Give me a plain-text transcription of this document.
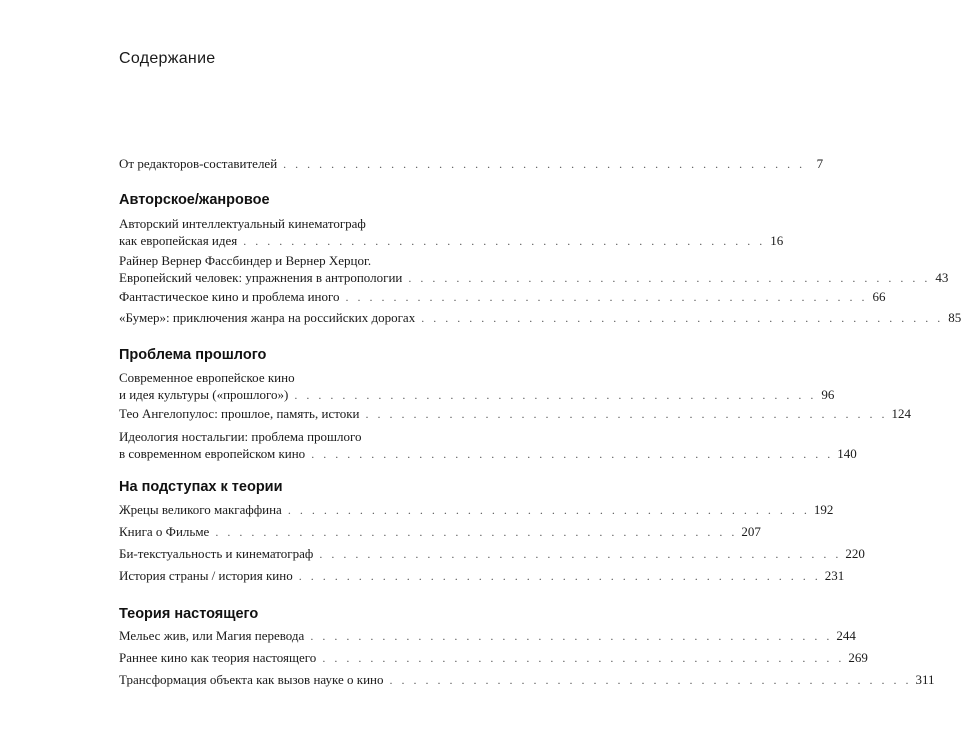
Содержание
От редакторов-составителей . . . . . . . . . . . . . . . . . . . . . . . . . . . . . . . . . . . . . . . . . . . . 7
Авторское/жанровое
Авторский интеллектуальный кинематограф
как европейская идея . . . . . . . . . . . . . . . . . . . . . . . . . . . . . . . . . . . . . . . . . . . . 16
Райнер Вернер Фассбиндер и Вернер Херцог.
Европейский человек: упражнения в антропологии . . . . . . . . . . . . . . . . . . . . . . . . . . . . . . . . . . . . . . . . . . . . 43
Фантастическое кино и проблема иного . . . . . . . . . . . . . . . . . . . . . . . . . . . . . . . . . . . . . . . . . . . . 66
«Бумер»: приключения жанра на российских дорогах . . . . . . . . . . . . . . . . . . . . . . . . . . . . . . . . . . . . . . . . . . . . 85
Проблема прошлого
Современное европейское кино
и идея культуры («прошлого») . . . . . . . . . . . . . . . . . . . . . . . . . . . . . . . . . . . . . . . . . . . . 96
Тео Ангелопулос: прошлое, память, истоки . . . . . . . . . . . . . . . . . . . . . . . . . . . . . . . . . . . . . . . . . . . . 124
Идеология ностальгии: проблема прошлого
в современном европейском кино . . . . . . . . . . . . . . . . . . . . . . . . . . . . . . . . . . . . . . . . . . . . 140
На подступах к теории
Жрецы великого макгаффина . . . . . . . . . . . . . . . . . . . . . . . . . . . . . . . . . . . . . . . . . . . . 192
Книга о Фильме . . . . . . . . . . . . . . . . . . . . . . . . . . . . . . . . . . . . . . . . . . . . 207
Би-текстуальность и кинематограф . . . . . . . . . . . . . . . . . . . . . . . . . . . . . . . . . . . . . . . . . . . . 220
История страны / история кино . . . . . . . . . . . . . . . . . . . . . . . . . . . . . . . . . . . . . . . . . . . . 231
Теория настоящего
Мельес жив, или Магия перевода . . . . . . . . . . . . . . . . . . . . . . . . . . . . . . . . . . . . . . . . . . . . 244
Раннее кино как теория настоящего . . . . . . . . . . . . . . . . . . . . . . . . . . . . . . . . . . . . . . . . . . . . 269
Трансформация объекта как вызов науке о кино . . . . . . . . . . . . . . . . . . . . . . . . . . . . . . . . . . . . . . . . . . . . 311
